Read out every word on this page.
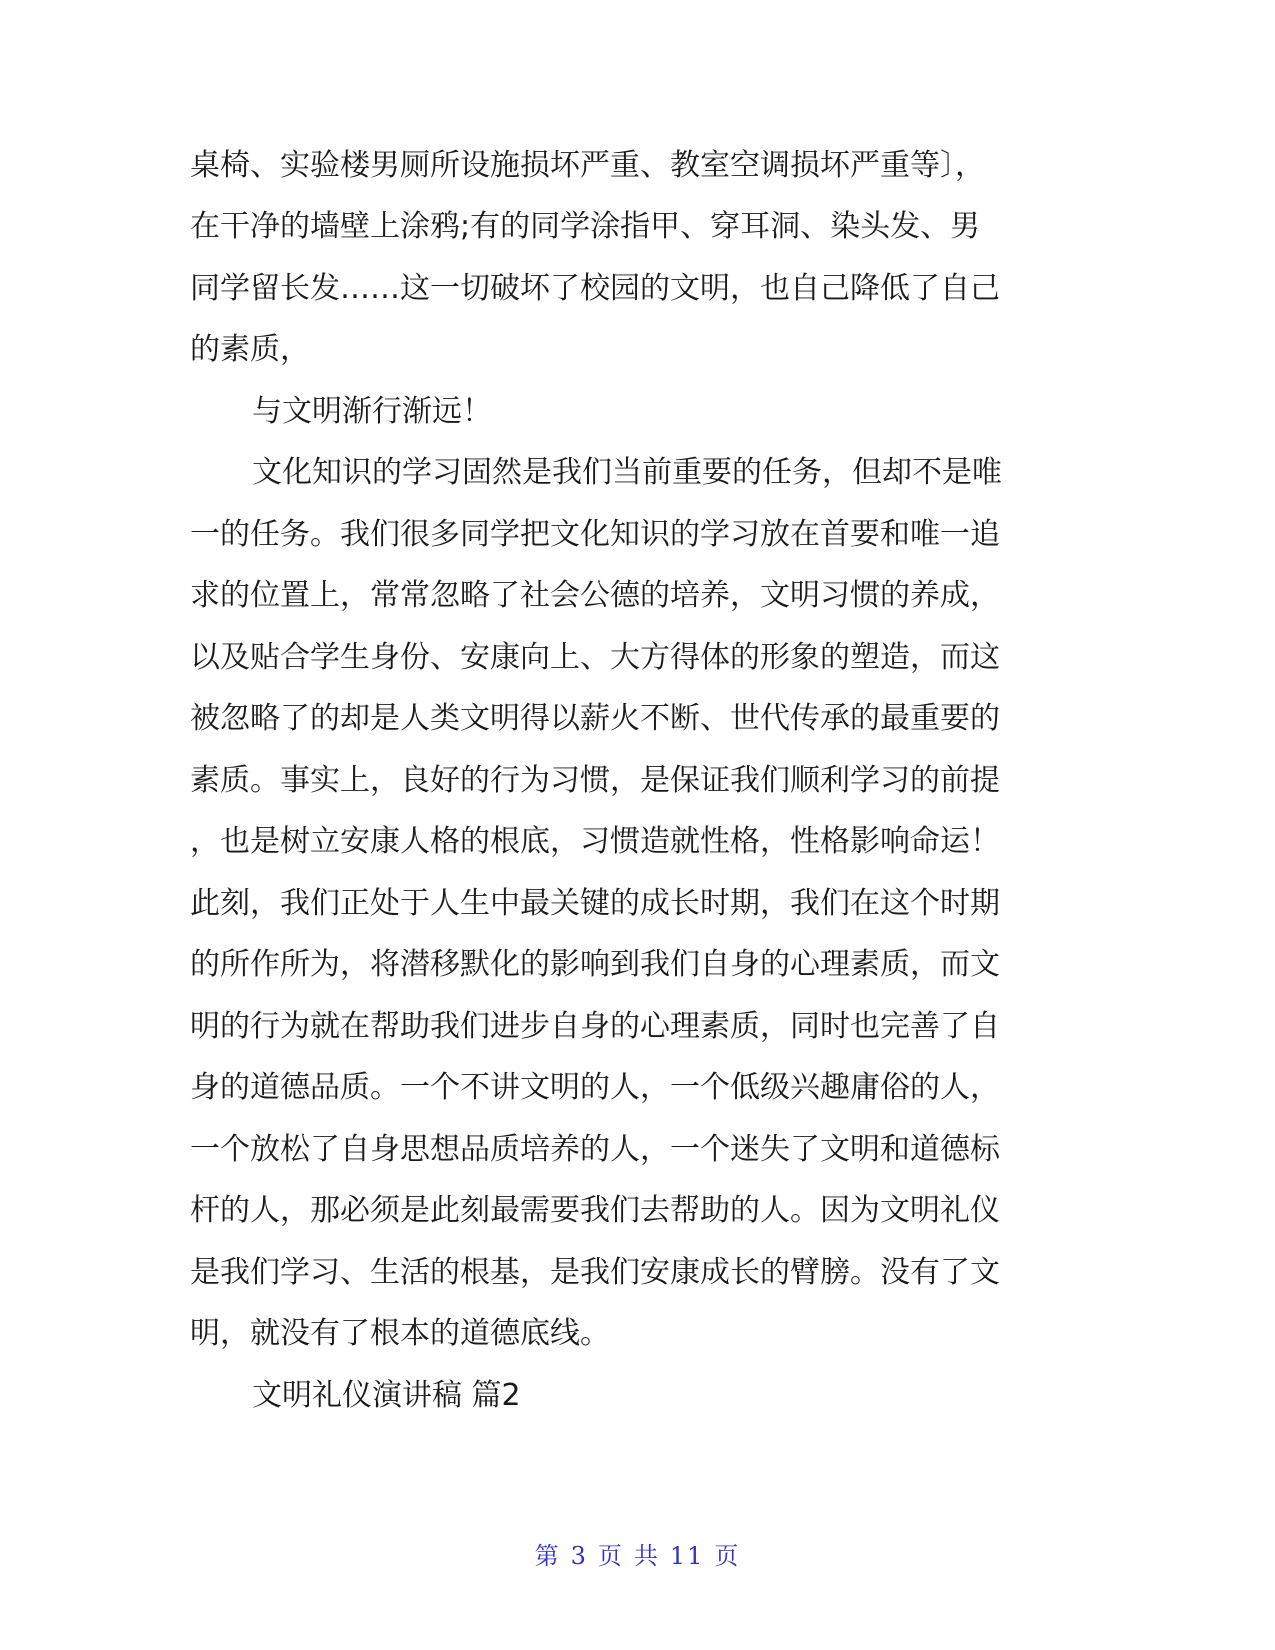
桌椅、实验楼男厕所设施损坏严重、教室空调损坏严重等〕，
在干净的墙壁上涂鸦;有的同学涂指甲、穿耳洞、染头发、男
同学留长发……这一切破坏了校园的文明，也自己降低了自己
的素质，
与文明渐行渐远！
文化知识的学习固然是我们当前重要的任务，但却不是唯
一的任务。我们很多同学把文化知识的学习放在首要和唯一追
求的位置上，常常忽略了社会公德的培养，文明习惯的养成，
以及贴合学生身份、安康向上、大方得体的形象的塑造，而这
被忽略了的却是人类文明得以薪火不断、世代传承的最重要的
素质。事实上，良好的行为习惯，是保证我们顺利学习的前提
，也是树立安康人格的根底，习惯造就性格，性格影响命运！
此刻，我们正处于人生中最关键的成长时期，我们在这个时期
的所作所为，将潜移默化的影响到我们自身的心理素质，而文
明的行为就在帮助我们进步自身的心理素质，同时也完善了自
身的道德品质。一个不讲文明的人，一个低级兴趣庸俗的人，
一个放松了自身思想品质培养的人，一个迷失了文明和道德标
杆的人，那必须是此刻最需要我们去帮助的人。因为文明礼仪
是我们学习、生活的根基，是我们安康成长的臂膀。没有了文
明，就没有了根本的道德底线。
文明礼仪演讲稿 篇2
第 3 页 共 11 页
